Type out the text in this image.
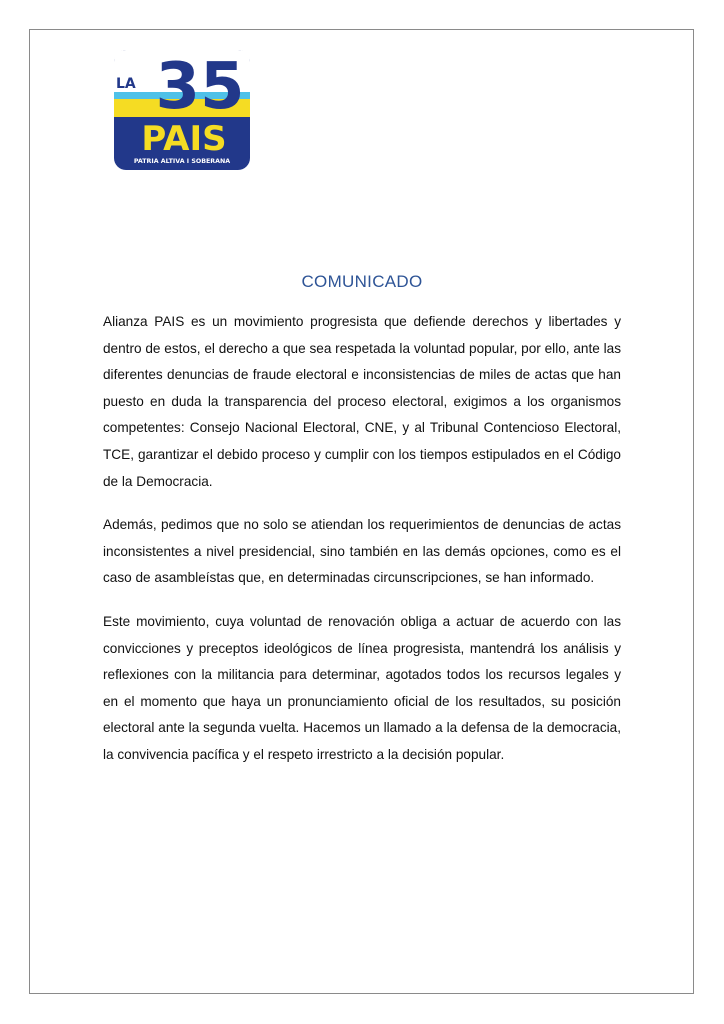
35
LA
PAIS
PATRIA ALTIVA I SOBERANA
COMUNICADO

Alianza PAIS es un movimiento progresista que defiende derechos y libertades y dentro de estos, el derecho a que sea respetada la voluntad popular, por ello, ante las diferentes denuncias de fraude electoral e inconsistencias de miles de actas que han puesto en duda la transparencia del proceso electoral, exigimos a los organismos competentes: Consejo Nacional Electoral, CNE, y al Tribunal Contencioso Electoral, TCE, garantizar el debido proceso y cumplir con los tiempos estipulados en el Código de la Democracia.

Además, pedimos que no solo se atiendan los requerimientos de denuncias de actas inconsistentes a nivel presidencial, sino también en las demás opciones, como es el caso de asambleístas que, en determinadas circunscripciones, se han informado.

Este movimiento, cuya voluntad de renovación obliga a actuar de acuerdo con las convicciones y preceptos ideológicos de línea progresista, mantendrá los análisis y reflexiones con la militancia para determinar, agotados todos los recursos legales y en el momento que haya un pronunciamiento oficial de los resultados, su posición electoral ante la segunda vuelta. Hacemos un llamado a la defensa de la democracia, la convivencia pacífica y el respeto irrestricto a la decisión popular.
